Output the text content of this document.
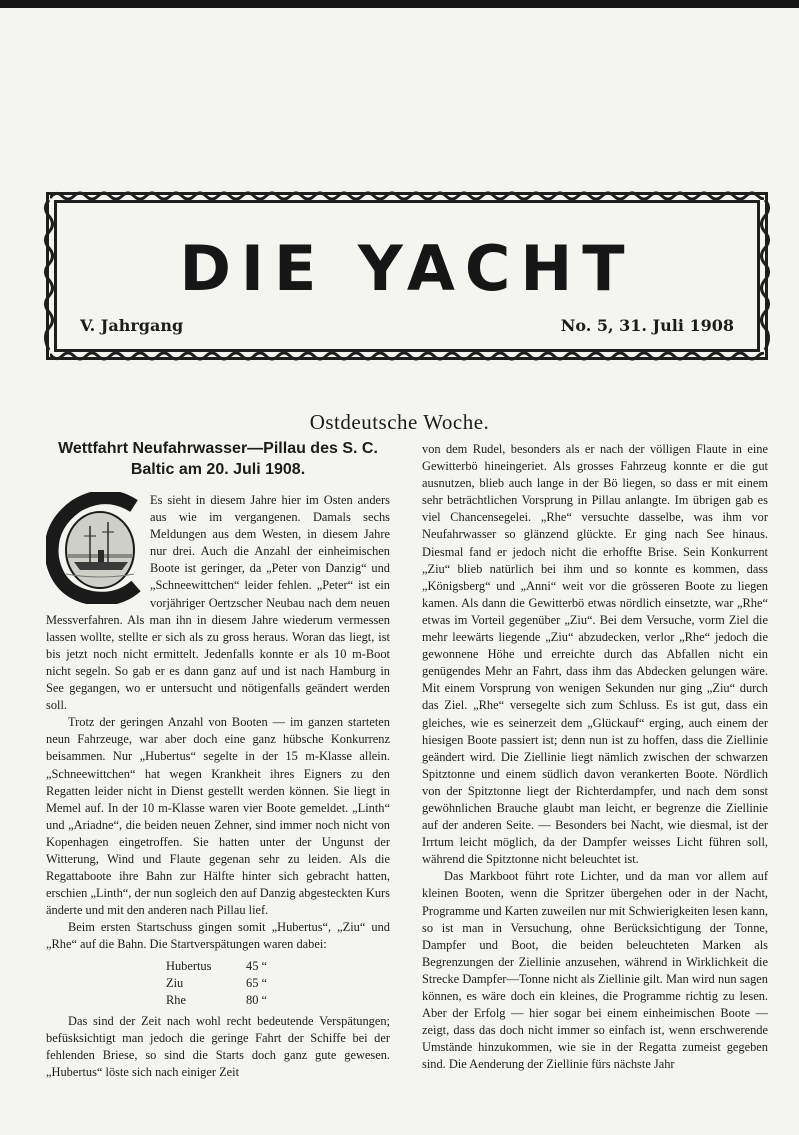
DIE YACHT
V. Jahrgang	No. 5, 31. Juli 1908
Ostdeutsche Woche.
Wettfahrt Neufahrwasser—Pillau des S. C. Baltic am 20. Juli 1908.

Es sieht in diesem Jahre hier im Osten anders aus wie im vergangenen. Damals sechs Meldungen aus dem Westen, in diesem Jahre nur drei. Auch die Anzahl der einheimischen Boote ist geringer, da „Peter von Danzig“ und „Schneewittchen“ leider fehlen. „Peter“ ist ein vorjähriger Oertzscher Neubau nach dem neuen Messverfahren. Als man ihn in diesem Jahre wiederum vermessen lassen wollte, stellte er sich als zu gross heraus. Woran das liegt, ist bis jetzt noch nicht ermittelt. Jedenfalls konnte er als 10 m-Boot nicht segeln. So gab er es dann ganz auf und ist nach Hamburg in See gegangen, wo er untersucht und nötigenfalls geändert werden soll.

Trotz der geringen Anzahl von Booten — im ganzen starteten neun Fahrzeuge, war aber doch eine ganz hübsche Konkurrenz beisammen. Nur „Hubertus“ segelte in der 15 m-Klasse allein. „Schneewittchen“ hat wegen Krankheit ihres Eigners zu den Regatten leider nicht in Dienst gestellt werden können. Sie liegt in Memel auf. In der 10 m-Klasse waren vier Boote gemeldet. „Linth“ und „Ariadne“, die beiden neuen Zehner, sind immer noch nicht von Kopenhagen eingetroffen. Sie hatten unter der Ungunst der Witterung, Wind und Flaute gegenan sehr zu leiden. Als die Regattaboote ihre Bahn zur Hälfte hinter sich gebracht hatten, erschien „Linth“, der nun sogleich den auf Danzig abgesteckten Kurs änderte und mit den anderen nach Pillau lief.

Beim ersten Startschuss gingen somit „Hubertus“, „Ziu“ und „Rhe“ auf die Bahn. Die Startverspätungen waren dabei:

Hubertus	45 “
Ziu	65 “
Rhe	80 “

Das sind der Zeit nach wohl recht bedeutende Verspätungen; befüsksichtigt man jedoch die geringe Fahrt der Schiffe bei der fehlenden Briese, so sind die Starts doch ganz gute gewesen. „Hubertus“ löste sich nach einiger Zeit

von dem Rudel, besonders als er nach der völligen Flaute in eine Gewitterbö hineingeriet. Als grosses Fahrzeug konnte er die gut ausnutzen, blieb auch lange in der Bö liegen, so dass er mit einem sehr beträchtlichen Vorsprung in Pillau anlangte. Im übrigen gab es viel Chancensegelei. „Rhe“ versuchte dasselbe, was ihm vor Neufahrwasser so glänzend glückte. Er ging nach See hinaus. Diesmal fand er jedoch nicht die erhoffte Brise. Sein Konkurrent „Ziu“ blieb natürlich bei ihm und so konnte es kommen, dass „Königsberg“ und „Anni“ weit vor die grösseren Boote zu liegen kamen. Als dann die Gewitterbö etwas nördlich einsetzte, war „Rhe“ etwas im Vorteil gegenüber „Ziu“. Bei dem Versuche, vorm Ziel die mehr leewärts liegende „Ziu“ abzudecken, verlor „Rhe“ jedoch die gewonnene Höhe und erreichte durch das Abfallen nicht ein genügendes Mehr an Fahrt, dass ihm das Abdecken gelungen wäre. Mit einem Vorsprung von wenigen Sekunden nur ging „Ziu“ durch das Ziel. „Rhe“ versegelte sich zum Schluss. Es ist gut, dass ein gleiches, wie es seinerzeit dem „Glückauf“ erging, auch einem der hiesigen Boote passiert ist; denn nun ist zu hoffen, dass die Ziellinie geändert wird. Die Ziellinie liegt nämlich zwischen der schwarzen Spitztonne und einem südlich davon verankerten Boote. Nördlich von der Spitztonne liegt der Richterdampfer, und nach dem sonst gewöhnlichen Brauche glaubt man leicht, er begrenze die Ziellinie auf der anderen Seite. — Besonders bei Nacht, wie diesmal, ist der Irrtum leicht möglich, da der Dampfer weisses Licht führen soll, während die Spitztonne nicht beleuchtet ist.

Das Markboot führt rote Lichter, und da man vor allem auf kleinen Booten, wenn die Spritzer übergehen oder in der Nacht, Programme und Karten zuweilen nur mit Schwierigkeiten lesen kann, so ist man in Versuchung, ohne Berücksichtigung der Tonne, Dampfer und Boot, die beiden beleuchteten Marken als Begrenzungen der Ziellinie anzusehen, während in Wirklichkeit die Strecke Dampfer—Tonne nicht als Ziellinie gilt. Man wird nun sagen können, es wäre doch ein kleines, die Programme richtig zu lesen. Aber der Erfolg — hier sogar bei einem einheimischen Boote — zeigt, dass das doch nicht immer so einfach ist, wenn erschwerende Umstände hinzukommen, wie sie in der Regatta zumeist gegeben sind. Die Aenderung der Ziellinie fürs nächste Jahr
